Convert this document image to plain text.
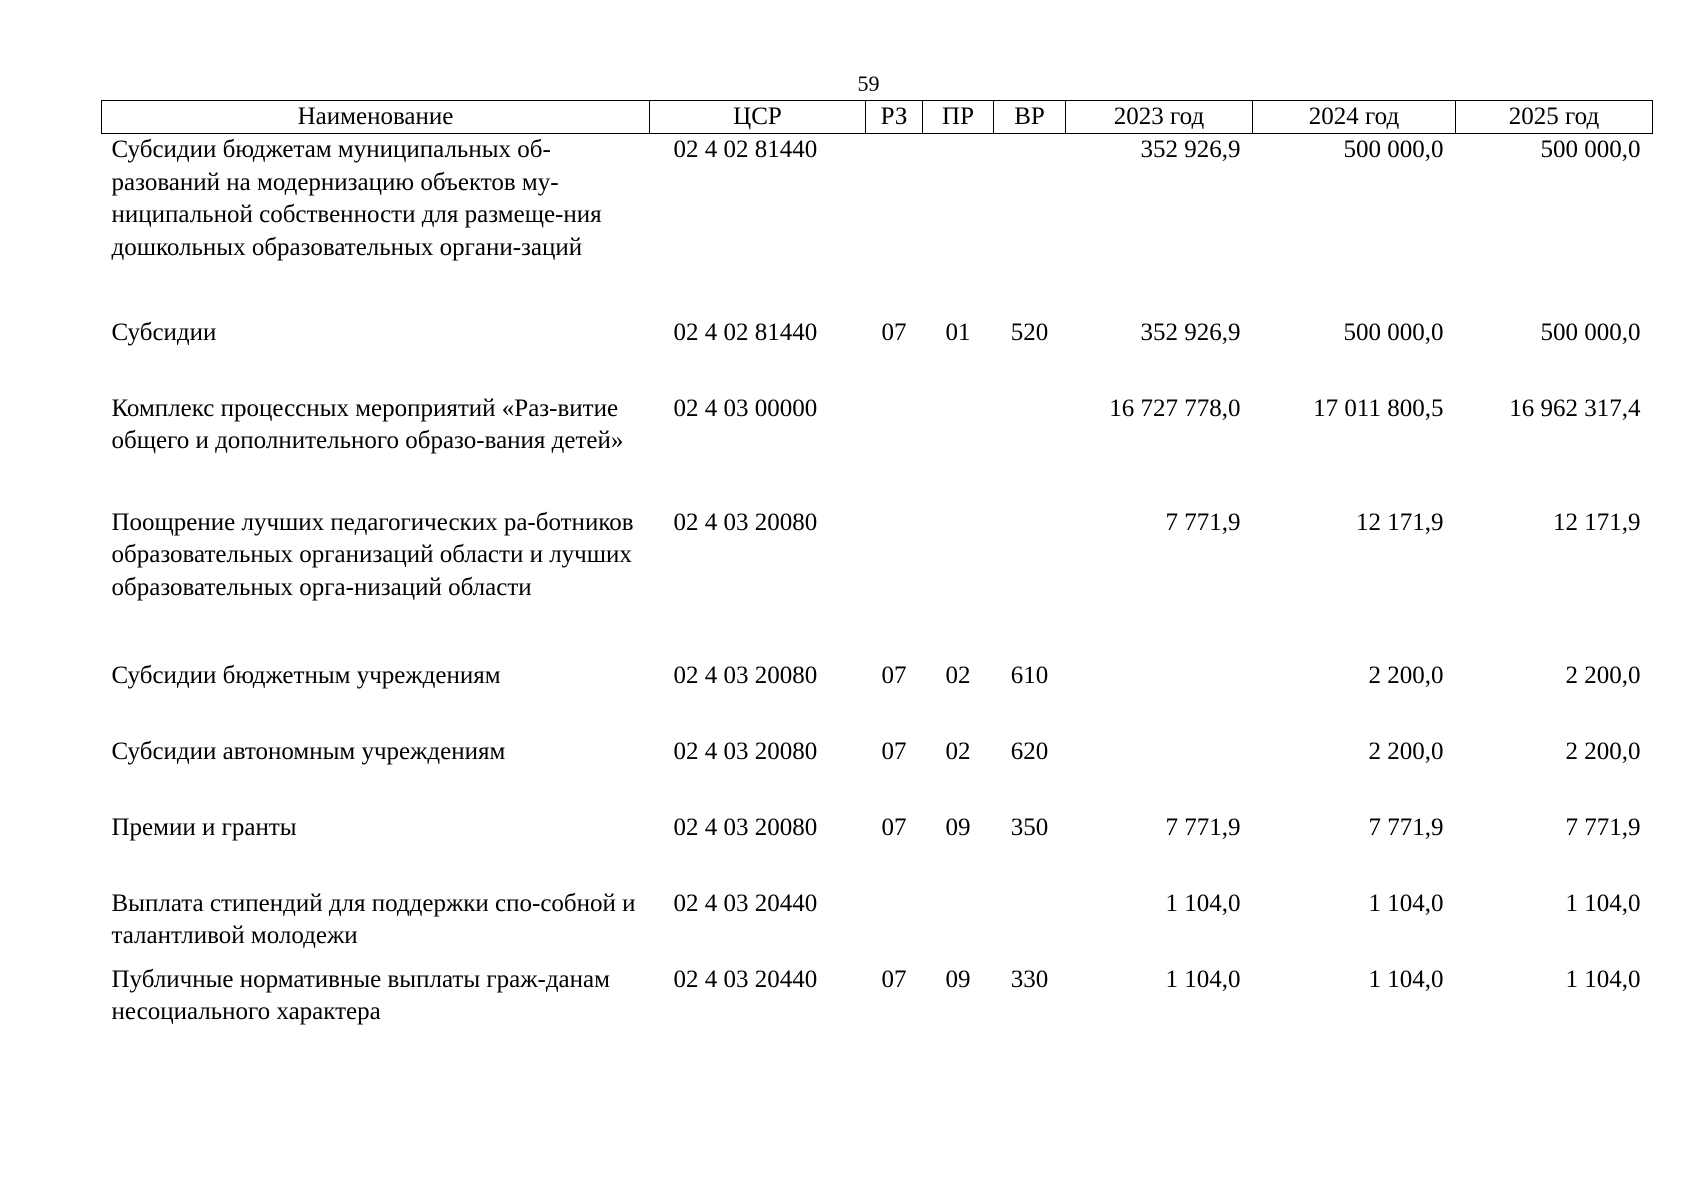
59
Наименование	ЦСР	РЗ	ПР	ВР	2023 год	2024 год	2025 год
Субсидии бюджетам муниципальных об-разований на модернизацию объектов му-ниципальной собственности для размеще-ния дошкольных образовательных органи-заций	02 4 02 81440				352 926,9	500 000,0	500 000,0
Субсидии	02 4 02 81440	07	01	520	352 926,9	500 000,0	500 000,0
Комплекс процессных мероприятий «Раз-витие общего и дополнительного образо-вания детей»	02 4 03 00000				16 727 778,0	17 011 800,5	16 962 317,4
Поощрение лучших педагогических ра-ботников образовательных организаций области и лучших образовательных орга-низаций области	02 4 03 20080				7 771,9	12 171,9	12 171,9
Субсидии бюджетным учреждениям	02 4 03 20080	07	02	610		2 200,0	2 200,0
Субсидии автономным учреждениям	02 4 03 20080	07	02	620		2 200,0	2 200,0
Премии и гранты	02 4 03 20080	07	09	350	7 771,9	7 771,9	7 771,9
Выплата стипендий для поддержки спо-собной и талантливой молодежи	02 4 03 20440				1 104,0	1 104,0	1 104,0
Публичные нормативные выплаты граж-данам несоциального характера	02 4 03 20440	07	09	330	1 104,0	1 104,0	1 104,0
